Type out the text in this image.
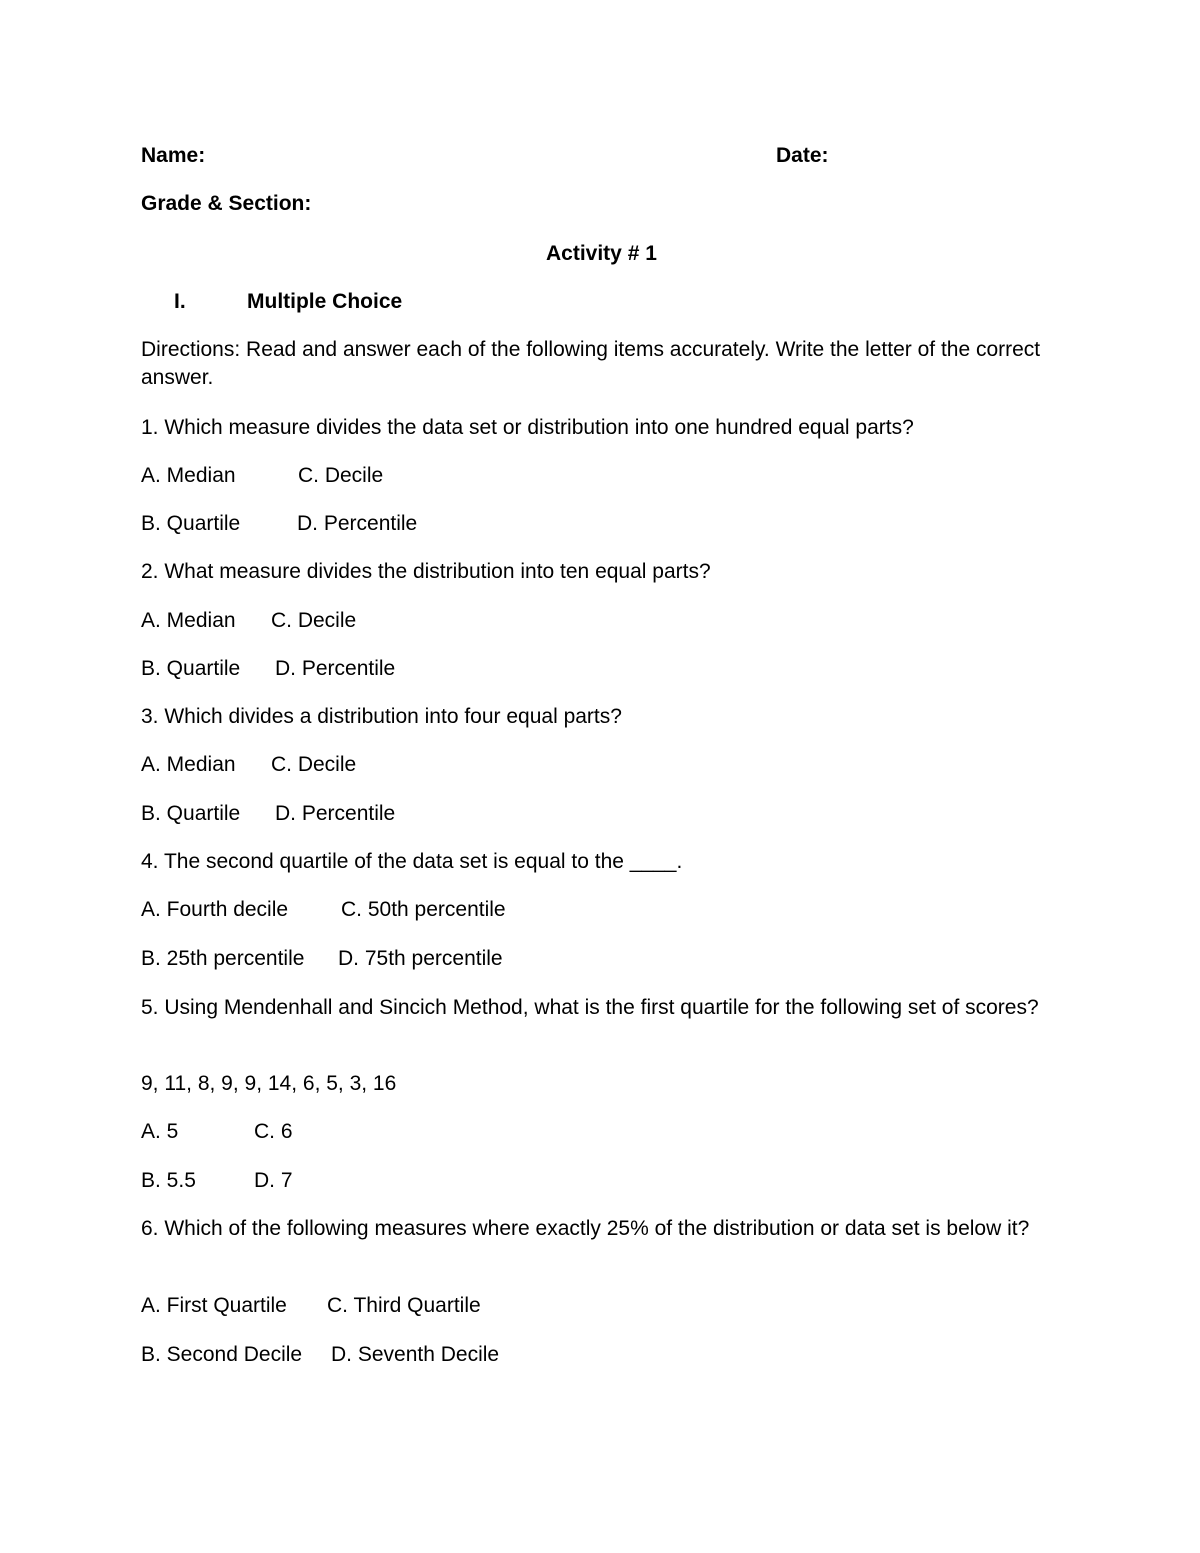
Name:	Date:
Grade & Section:
Activity # 1
I.	Multiple Choice
Directions: Read and answer each of the following items accurately. Write the letter of the correct answer.
1. Which measure divides the data set or distribution into one hundred equal parts?
A. Median	C. Decile
B. Quartile	D. Percentile
2. What measure divides the distribution into ten equal parts?
A. Median C. Decile
B. Quartile D. Percentile
3. Which divides a distribution into four equal parts?
A. Median C. Decile
B. Quartile D. Percentile
4. The second quartile of the data set is equal to the ____.
A. Fourth decile	C. 50th percentile
B. 25th percentile D. 75th percentile
5. Using Mendenhall and Sincich Method, what is the first quartile for the following set of scores?
9, 11, 8, 9, 9, 14, 6, 5, 3, 16
A. 5	C. 6
B. 5.5	D. 7
6. Which of the following measures where exactly 25% of the distribution or data set is below it?
A. First Quartile C. Third Quartile
B. Second Decile D. Seventh Decile
